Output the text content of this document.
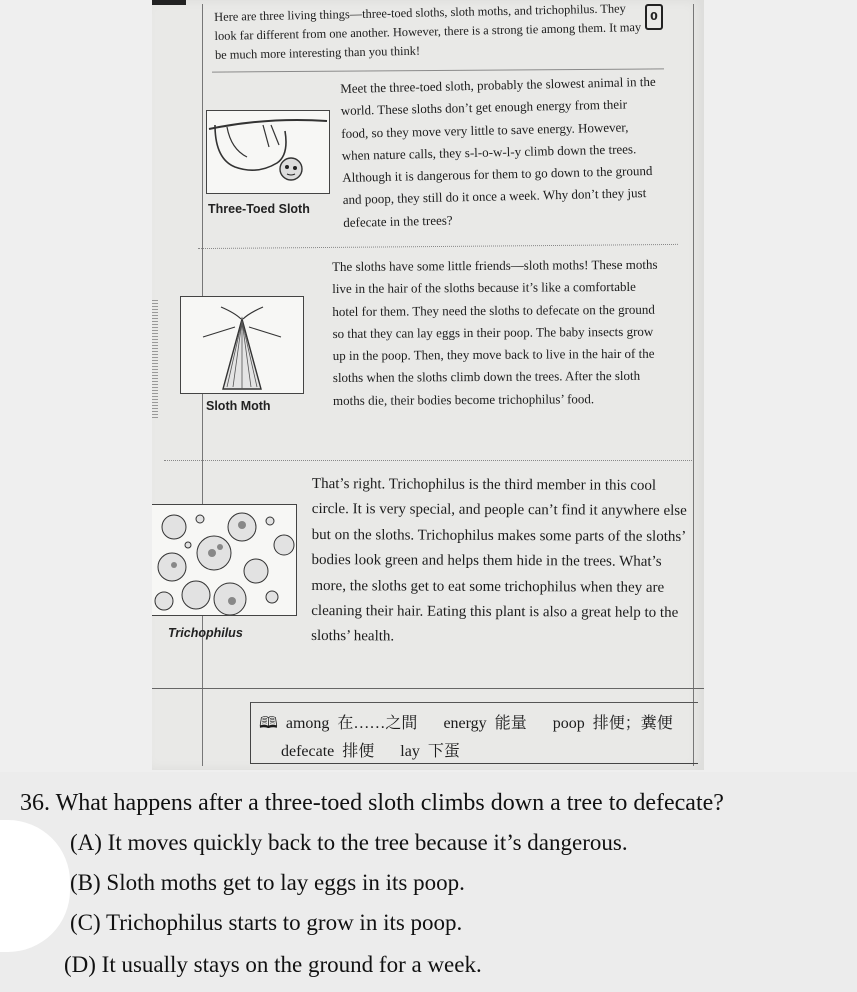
0
Here are three living things—three-toed sloths, sloth moths, and trichophilus. They look far different from one another. However, there is a strong tie among them. It may be much more interesting than you think!
Three-Toed Sloth
Meet the three-toed sloth, probably the slowest animal in the world. These sloths don’t get enough energy from their food, so they move very little to save energy. However, when nature calls, they s-l-o-w-l-y climb down the trees. Although it is dangerous for them to go down to the ground and poop, they still do it once a week. Why don’t they just defecate in the trees?
Sloth Moth
The sloths have some little friends—sloth moths! These moths live in the hair of the sloths because it’s like a comfortable hotel for them. They need the sloths to defecate on the ground so that they can lay eggs in their poop. The baby insects grow up in the poop. Then, they move back to live in the hair of the sloths when the sloths climb down the trees. After the sloth moths die, their bodies become trichophilus’ food.
Trichophilus
That’s right. Trichophilus is the third member in this cool circle. It is very special, and people can’t find it anywhere else but on the sloths. Trichophilus makes some parts of the sloths’ bodies look green and helps them hide in the trees. What’s more, the sloths get to eat some trichophilus when they are cleaning their hair. Eating this plant is also a great help to the sloths’ health.
🕮 among 在……之間 energy 能量 poop 排便；糞便
defecate 排便 lay 下蛋
36. What happens after a three-toed sloth climbs down a tree to defecate?
(A) It moves quickly back to the tree because it’s dangerous.
(B) Sloth moths get to lay eggs in its poop.
(C) Trichophilus starts to grow in its poop.
(D) It usually stays on the ground for a week.
